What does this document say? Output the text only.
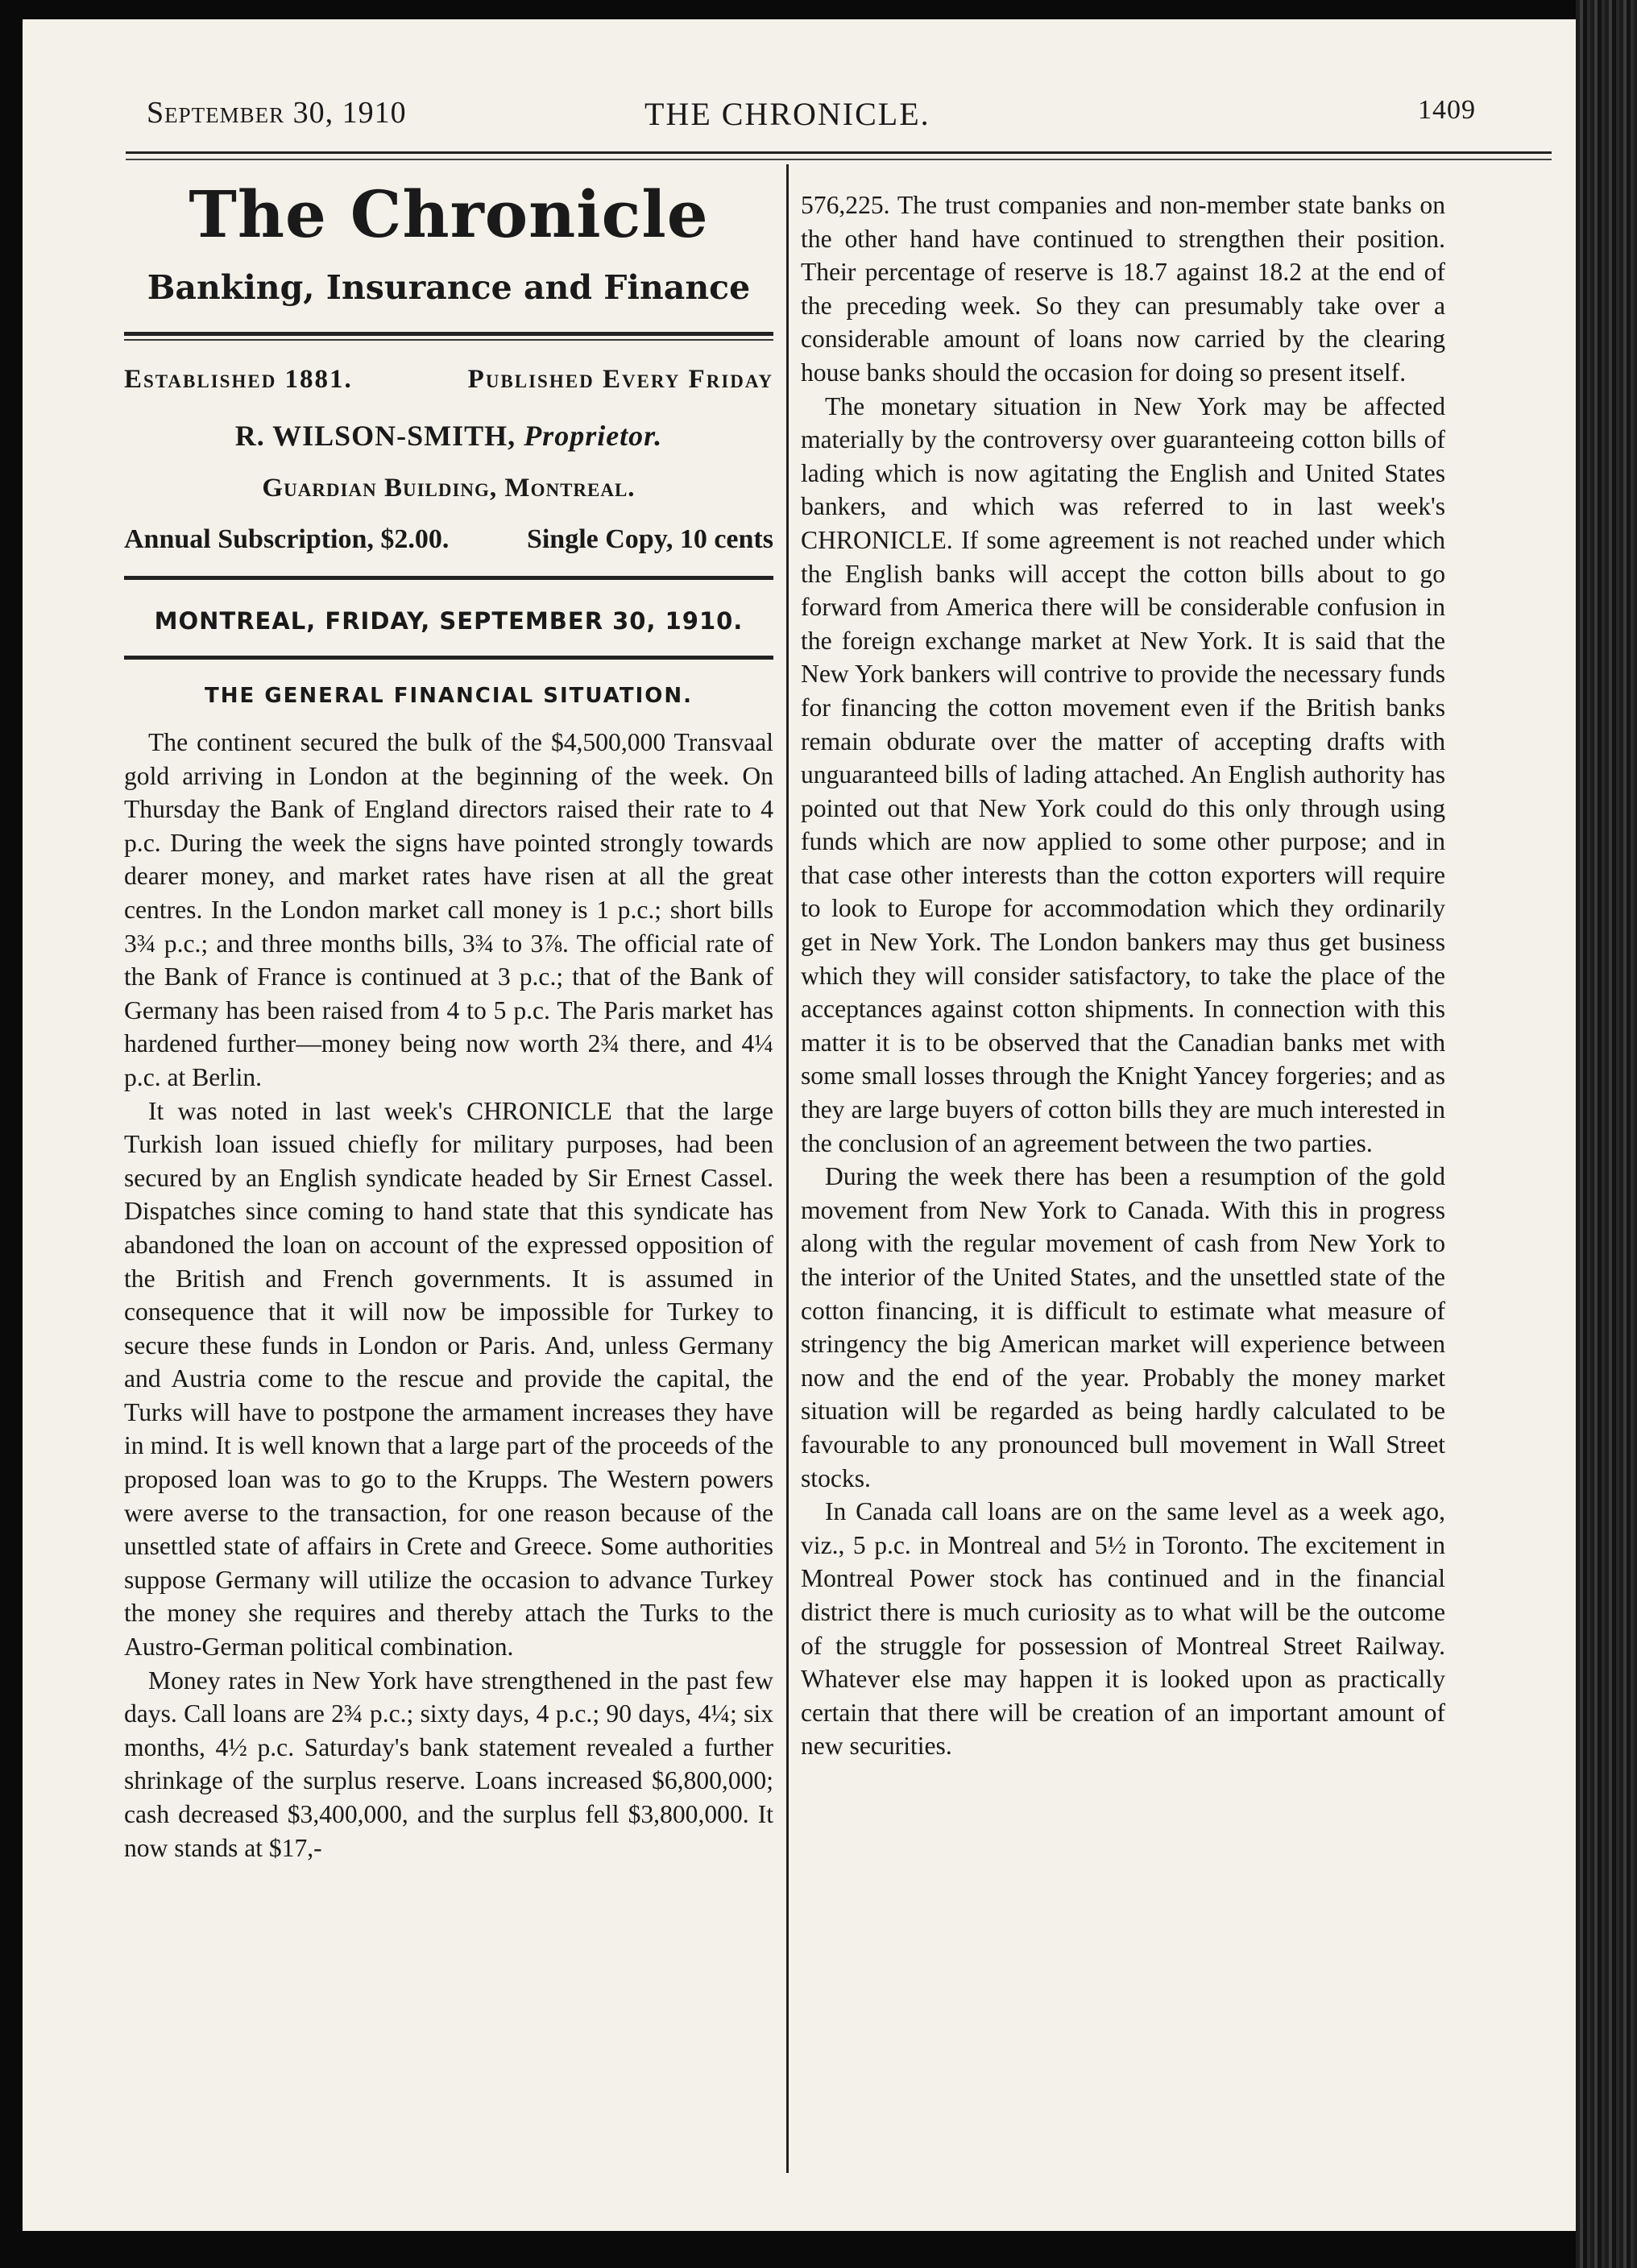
September 30, 1910	THE CHRONICLE.	1409
The Chronicle
Banking, Insurance and Finance
Established 1881.	Published Every Friday
R. WILSON-SMITH, Proprietor.
Guardian Building, Montreal.
Annual Subscription, $2.00.	Single Copy, 10 cents
MONTREAL, FRIDAY, SEPTEMBER 30, 1910.
THE GENERAL FINANCIAL SITUATION.

The continent secured the bulk of the $4,500,000 Transvaal gold arriving in London at the beginning of the week. On Thursday the Bank of England directors raised their rate to 4 p.c. During the week the signs have pointed strongly towards dearer money, and market rates have risen at all the great centres. In the London market call money is 1 p.c.; short bills 3¾ p.c.; and three months bills, 3¾ to 3⅞. The official rate of the Bank of France is continued at 3 p.c.; that of the Bank of Germany has been raised from 4 to 5 p.c. The Paris market has hardened further—money being now worth 2¾ there, and 4¼ p.c. at Berlin.

It was noted in last week's CHRONICLE that the large Turkish loan issued chiefly for military purposes, had been secured by an English syndicate headed by Sir Ernest Cassel. Dispatches since coming to hand state that this syndicate has abandoned the loan on account of the expressed opposition of the British and French governments. It is assumed in consequence that it will now be impossible for Turkey to secure these funds in London or Paris. And, unless Germany and Austria come to the rescue and provide the capital, the Turks will have to postpone the armament increases they have in mind. It is well known that a large part of the proceeds of the proposed loan was to go to the Krupps. The Western powers were averse to the transaction, for one reason because of the unsettled state of affairs in Crete and Greece. Some authorities suppose Germany will utilize the occasion to advance Turkey the money she requires and thereby attach the Turks to the Austro-German political combination.

Money rates in New York have strengthened in the past few days. Call loans are 2¾ p.c.; sixty days, 4 p.c.; 90 days, 4¼; six months, 4½ p.c. Saturday's bank statement revealed a further shrinkage of the surplus reserve. Loans increased $6,800,000; cash decreased $3,400,000, and the surplus fell $3,800,000. It now stands at $17,-

576,225. The trust companies and non-member state banks on the other hand have continued to strengthen their position. Their percentage of reserve is 18.7 against 18.2 at the end of the preceding week. So they can presumably take over a considerable amount of loans now carried by the clearing house banks should the occasion for doing so present itself.

The monetary situation in New York may be affected materially by the controversy over guaranteeing cotton bills of lading which is now agitating the English and United States bankers, and which was referred to in last week's CHRONICLE. If some agreement is not reached under which the English banks will accept the cotton bills about to go forward from America there will be considerable confusion in the foreign exchange market at New York. It is said that the New York bankers will contrive to provide the necessary funds for financing the cotton movement even if the British banks remain obdurate over the matter of accepting drafts with unguaranteed bills of lading attached. An English authority has pointed out that New York could do this only through using funds which are now applied to some other purpose; and in that case other interests than the cotton exporters will require to look to Europe for accommodation which they ordinarily get in New York. The London bankers may thus get business which they will consider satisfactory, to take the place of the acceptances against cotton shipments. In connection with this matter it is to be observed that the Canadian banks met with some small losses through the Knight Yancey forgeries; and as they are large buyers of cotton bills they are much interested in the conclusion of an agreement between the two parties.

During the week there has been a resumption of the gold movement from New York to Canada. With this in progress along with the regular movement of cash from New York to the interior of the United States, and the unsettled state of the cotton financing, it is difficult to estimate what measure of stringency the big American market will experience between now and the end of the year. Probably the money market situation will be regarded as being hardly calculated to be favourable to any pronounced bull movement in Wall Street stocks.

In Canada call loans are on the same level as a week ago, viz., 5 p.c. in Montreal and 5½ in Toronto. The excitement in Montreal Power stock has continued and in the financial district there is much curiosity as to what will be the outcome of the struggle for possession of Montreal Street Railway. Whatever else may happen it is looked upon as practically certain that there will be creation of an important amount of new securities.
